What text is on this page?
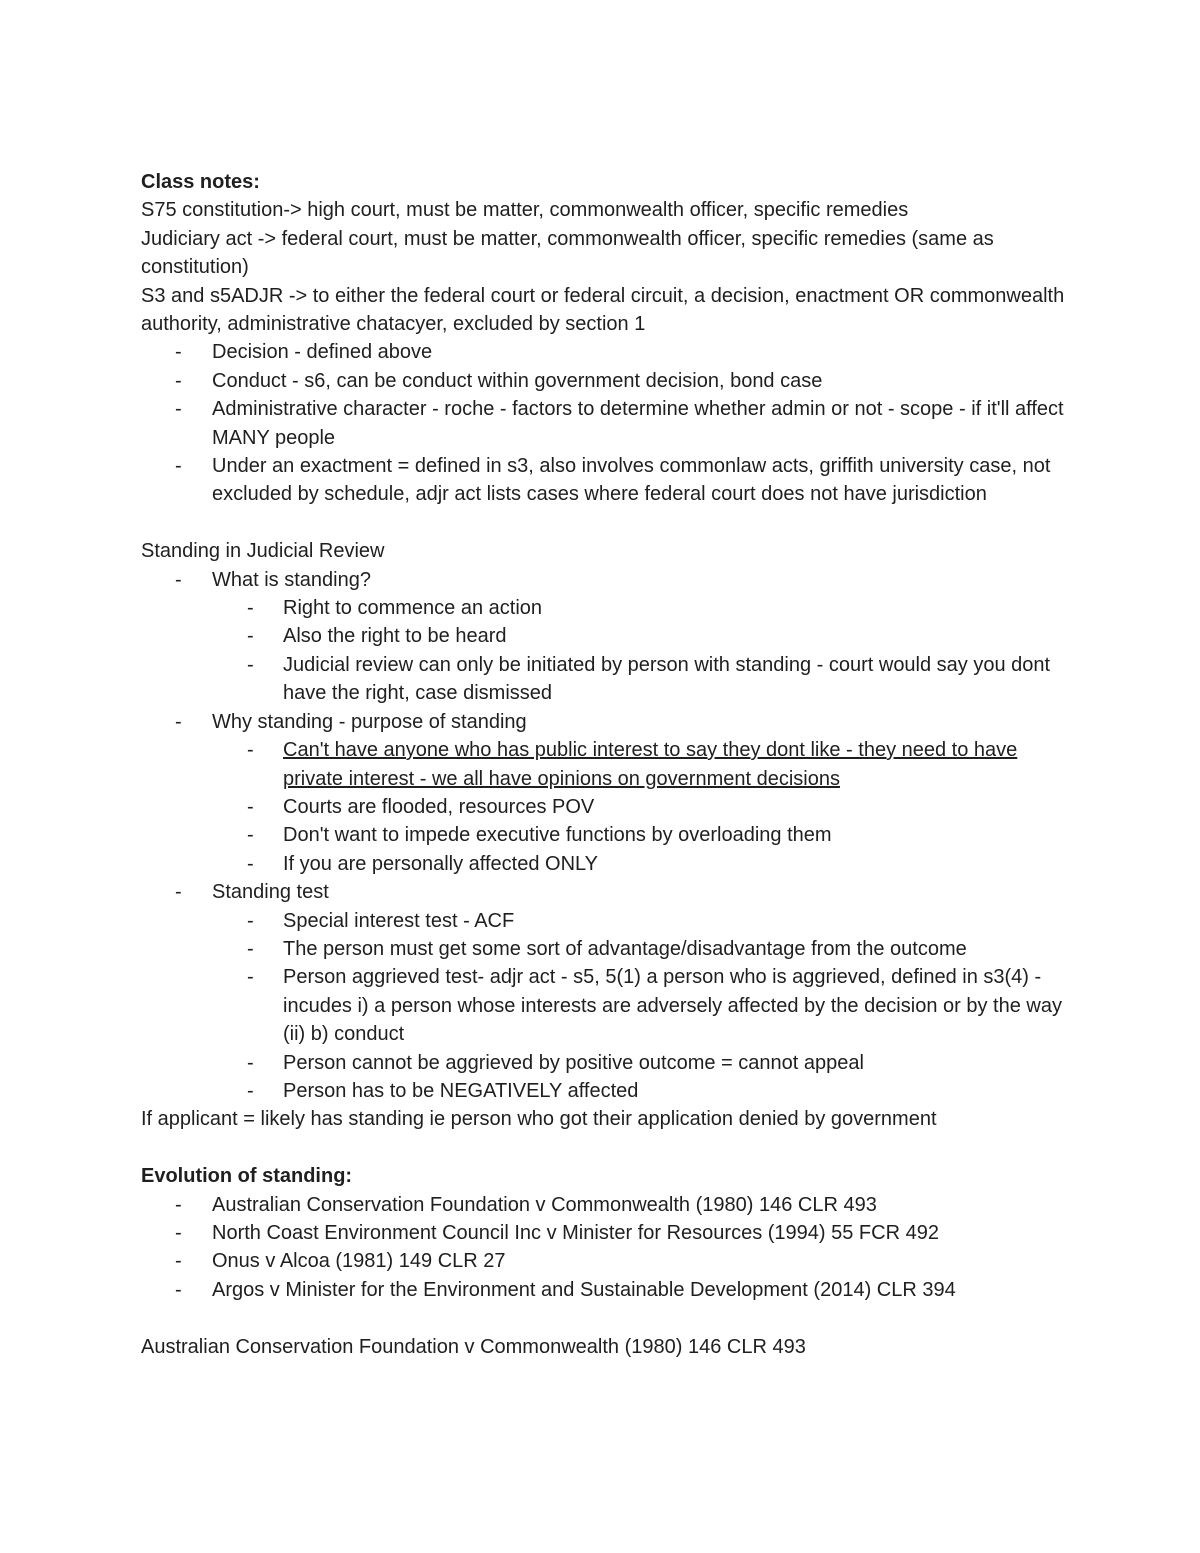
Class notes:

S75 constitution-> high court, must be matter, commonwealth officer, specific remedies

Judiciary act -> federal court, must be matter, commonwealth officer, specific remedies (same as constitution)

S3 and s5ADJR -> to either the federal court or federal circuit, a decision, enactment OR commonwealth authority, administrative chatacyer, excluded by section 1

- Decision - defined above
- Conduct - s6, can be conduct within government decision, bond case
- Administrative character - roche - factors to determine whether admin or not - scope - if it'll affect MANY people
- Under an exactment = defined in s3, also involves commonlaw acts, griffith university case, not excluded by schedule, adjr act lists cases where federal court does not have jurisdiction

Standing in Judicial Review

- What is standing?
- Right to commence an action
- Also the right to be heard
- Judicial review can only be initiated by person with standing - court would say you dont have the right, case dismissed
- Why standing - purpose of standing
- Can't have anyone who has public interest to say they dont like - they need to have private interest - we all have opinions on government decisions
- Courts are flooded, resources POV
- Don't want to impede executive functions by overloading them
- If you are personally affected ONLY
- Standing test
- Special interest test - ACF
- The person must get some sort of advantage/disadvantage from the outcome
- Person aggrieved test- adjr act - s5, 5(1) a person who is aggrieved, defined in s3(4) - incudes i) a person whose interests are adversely affected by the decision or by the way (ii) b) conduct
- Person cannot be aggrieved by positive outcome = cannot appeal
- Person has to be NEGATIVELY affected

If applicant = likely has standing ie person who got their application denied by government

Evolution of standing:

- Australian Conservation Foundation v Commonwealth (1980) 146 CLR 493
- North Coast Environment Council Inc v Minister for Resources (1994) 55 FCR 492
- Onus v Alcoa (1981) 149 CLR 27
- Argos v Minister for the Environment and Sustainable Development (2014) CLR 394

Australian Conservation Foundation v Commonwealth (1980) 146 CLR 493
